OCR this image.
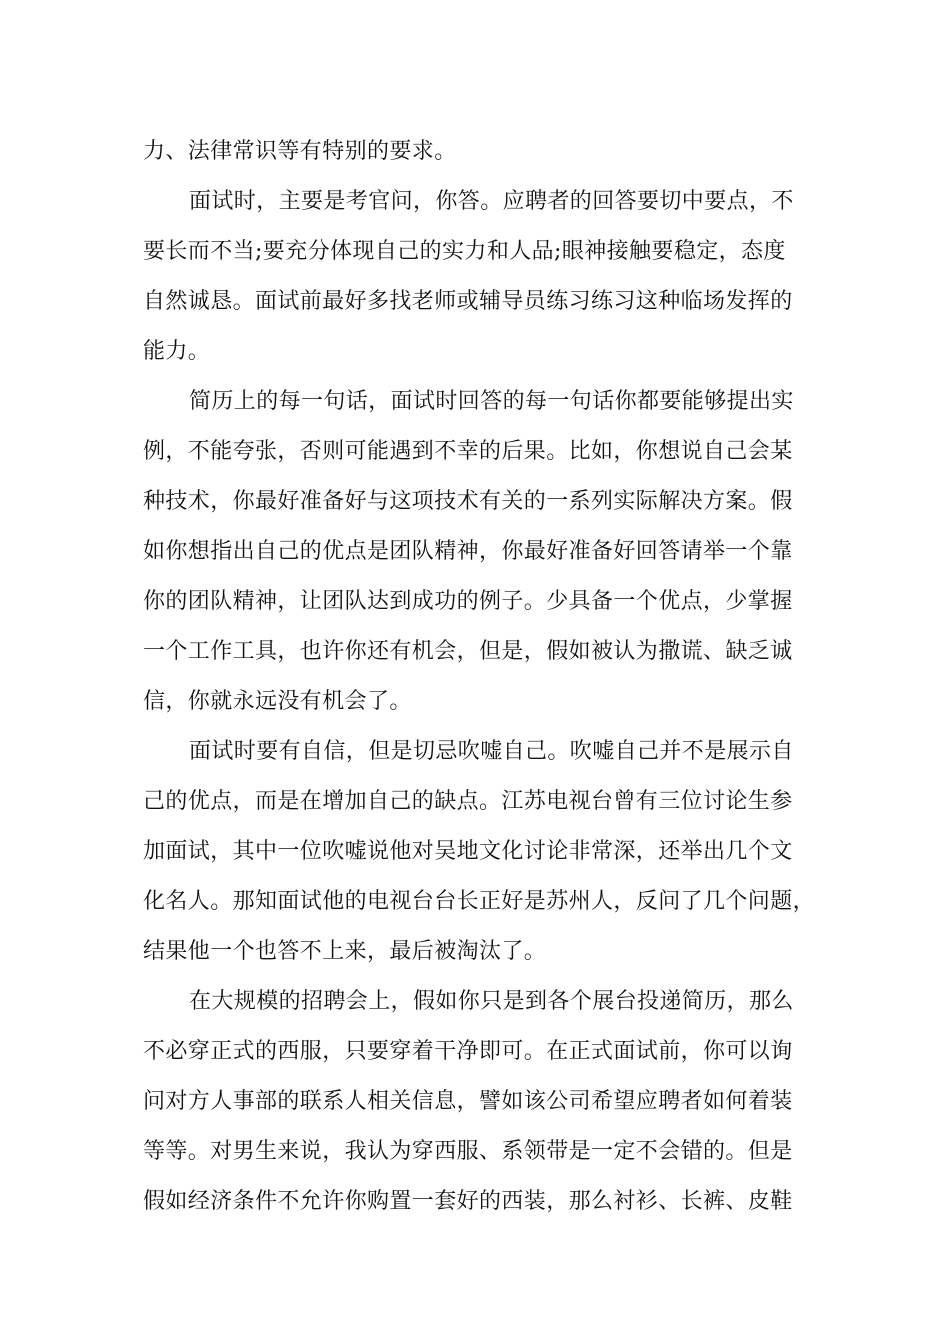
力、法律常识等有特别的要求。
面试时，主要是考官问，你答。应聘者的回答要切中要点，不
要长而不当;要充分体现自己的实力和人品;眼神接触要稳定，态度
自然诚恳。面试前最好多找老师或辅导员练习练习这种临场发挥的
能力。
简历上的每一句话，面试时回答的每一句话你都要能够提出实
例，不能夸张，否则可能遇到不幸的后果。比如，你想说自己会某
种技术，你最好准备好与这项技术有关的一系列实际解决方案。假
如你想指出自己的优点是团队精神，你最好准备好回答请举一个靠
你的团队精神，让团队达到成功的例子。少具备一个优点，少掌握
一个工作工具，也许你还有机会，但是，假如被认为撒谎、缺乏诚
信，你就永远没有机会了。
面试时要有自信，但是切忌吹嘘自己。吹嘘自己并不是展示自
己的优点，而是在增加自己的缺点。江苏电视台曾有三位讨论生参
加面试，其中一位吹嘘说他对吴地文化讨论非常深，还举出几个文
化名人。那知面试他的电视台台长正好是苏州人，反问了几个问题，
结果他一个也答不上来，最后被淘汰了。
在大规模的招聘会上，假如你只是到各个展台投递简历，那么
不必穿正式的西服，只要穿着干净即可。在正式面试前，你可以询
问对方人事部的联系人相关信息，譬如该公司希望应聘者如何着装
等等。对男生来说，我认为穿西服、系领带是一定不会错的。但是
假如经济条件不允许你购置一套好的西装，那么衬衫、长裤、皮鞋
